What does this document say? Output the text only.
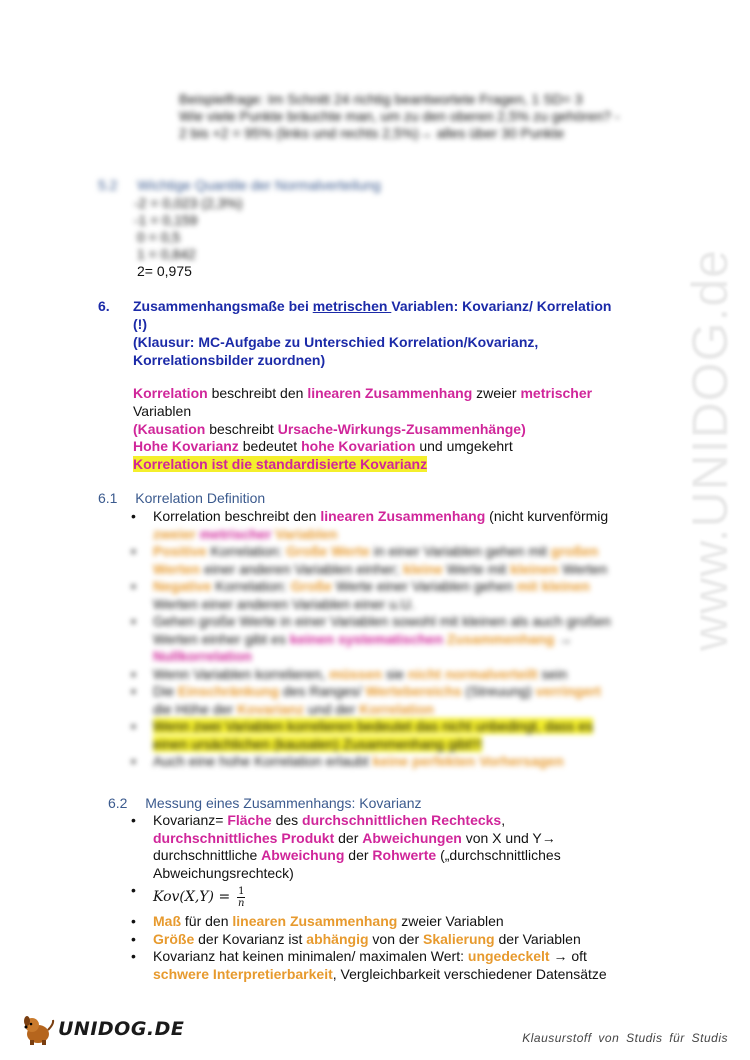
www.UNIDOG.de
Beispielfrage: Im Schnitt 24 richtig beantwortete Fragen, 1 SD= 3
Wie viele Punkte bräuchte man, um zu den oberen 2,5% zu gehören? -
2 bis +2 = 95% (links und rechts 2,5%)→ alles über 30 Punkte
5.2 Wichtige Quantile der Normalverteilung
-2 = 0,023 (2,3%)
-1 = 0,159
0 = 0,5
1 = 0,842
2= 0,975
6. Zusammenhangsmaße bei metrischen Variablen: Kovarianz/ Korrelation
(!)
(Klausur: MC-Aufgabe zu Unterschied Korrelation/Kovarianz,
Korrelationsbilder zuordnen)
Korrelation beschreibt den linearen Zusammenhang zweier metrischer
Variablen
(Kausation beschreibt Ursache-Wirkungs-Zusammenhänge)
Hohe Kovarianz bedeutet hohe Kovariation und umgekehrt
Korrelation ist die standardisierte Kovarianz
6.1 Korrelation Definition
• Korrelation beschreibt den linearen Zusammenhang (nicht kurvenförmig
zweier metrischer Variablen
• Positive Korrelation: Große Werte in einer Variablen gehen mit großen
Werten einer anderen Variablen einher; kleine Werte mit kleinen Werten
• Negative Korrelation: Große Werte einer Variablen gehen mit kleinen
Werten einer anderen Variablen einer u.U.
• Gehen große Werte in einer Variablen sowohl mit kleinen als auch großen
Werten einher gibt es keinen systematischen Zusammenhang →
Nullkorrelation
• Wenn Variablen korrelieren, müssen sie nicht normalverteilt sein
• Die Einschränkung des Ranges/ Wertebereichs (Streuung) verringert
die Höhe der Kovarianz und der Korrelation
• Wenn zwei Variablen korrelieren bedeutet das nicht unbedingt, dass es
einen ursächlichen (kausalen) Zusammenhang gibt!!!
• Auch eine hohe Korrelation erlaubt keine perfekten Vorhersagen
6.2 Messung eines Zusammenhangs: Kovarianz
• Kovarianz= Fläche des durchschnittlichen Rechtecks,
durchschnittliches Produkt der Abweichungen von X und Y→
durchschnittliche Abweichung der Rohwerte („durchschnittliches
Abweichungsrechteck)
• $Kov(X,Y) = \frac{1}{n}$
• Maß für den linearen Zusammenhang zweier Variablen
• Größe der Kovarianz ist abhängig von der Skalierung der Variablen
• Kovarianz hat keinen minimalen/ maximalen Wert: ungedeckelt → oft
schwere Interpretierbarkeit, Vergleichbarkeit verschiedener Datensätze
UNIDOG.DE	Klausurstoff von Studis für Studis
